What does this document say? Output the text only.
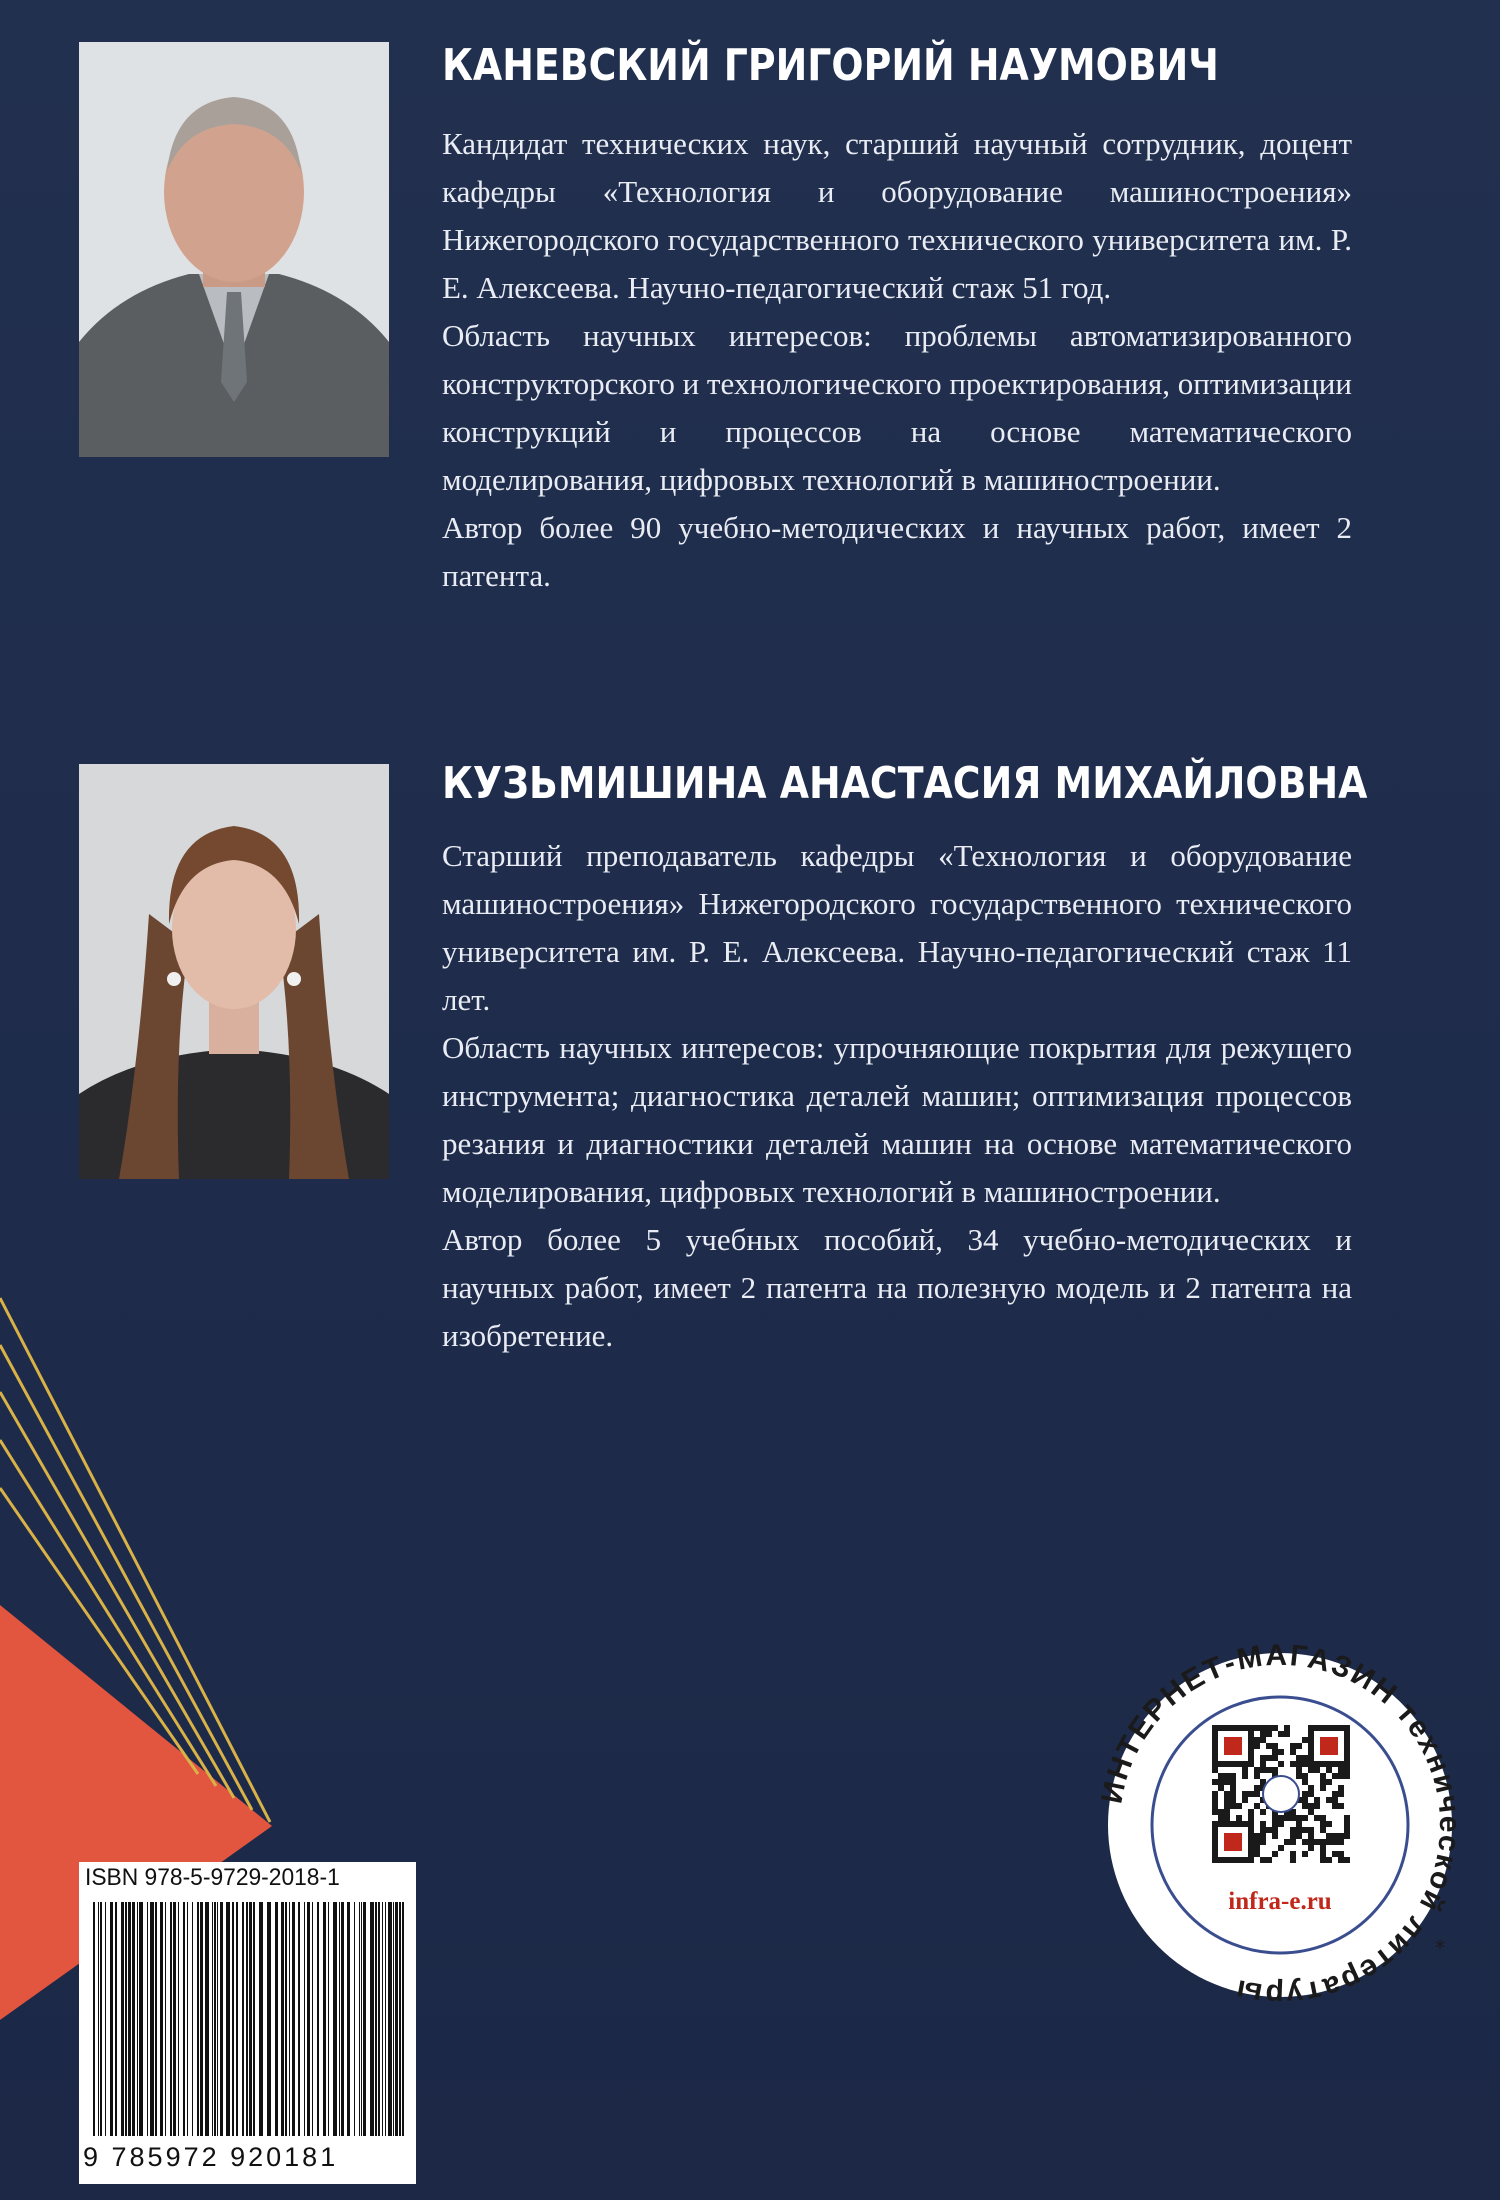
КАНЕВСКИЙ ГРИГОРИЙ НАУМОВИЧ

Кандидат технических наук, старший научный сотрудник, доцент кафедры «Технология и оборудование машиностроения» Нижегородского государственного технического университета им. Р. Е. Алексеева. Научно-педагогический стаж 51 год.

Область научных интересов: проблемы автоматизированного конструкторского и технологического проектирования, оптимизации конструкций и процессов на основе математического моделирования, цифровых технологий в машиностроении.

Автор более 90 учебно-методических и научных работ, имеет 2 патента.

КУЗЬМИШИНА АНАСТАСИЯ МИХАЙЛОВНА

Старший преподаватель кафедры «Технология и оборудование машиностроения» Нижегородского государственного технического университета им. Р. Е. Алексеева. Научно-педагогический стаж 11 лет.

Область научных интересов: упрочняющие покрытия для режущего инструмента; диагностика деталей машин; оптимизация процессов резания и диагностики деталей машин на основе математического моделирования, цифровых технологий в машиностроении.

Автор более 5 учебных пособий, 34 учебно-методических и научных работ, имеет 2 патента на полезную модель и 2 патента на изобретение.

ISBN 978-5-9729-2018-1
9 785972 920181
НТЕРНЕТ-МАГАЗИН техни кой литературы
*
infra-e.ru
